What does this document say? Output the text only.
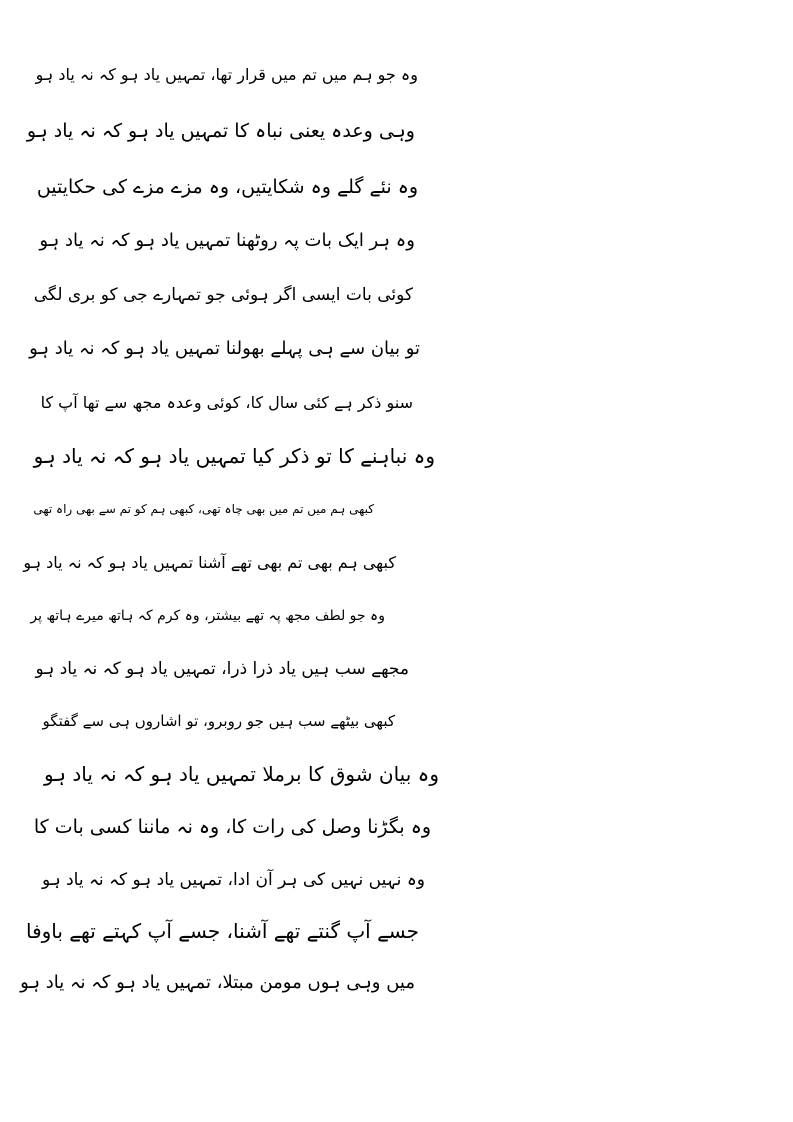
وہ جو ہم میں تم میں قرار تھا، تمہیں یاد ہو کہ نہ یاد ہو
وہی وعدہ یعنی نباہ کا تمہیں یاد ہو کہ نہ یاد ہو
وہ نئے گلے وہ شکایتیں، وہ مزے مزے کی حکایتیں
وہ ہر ایک بات پہ روٹھنا تمہیں یاد ہو کہ نہ یاد ہو
کوئی بات ایسی اگر ہوئی جو تمہارے جی کو بری لگی
تو بیان سے ہی پہلے بھولنا تمہیں یاد ہو کہ نہ یاد ہو
سنو ذکر ہے کئی سال کا، کوئی وعدہ مجھ سے تھا آپ کا
وہ نباہنے کا تو ذکر کیا تمہیں یاد ہو کہ نہ یاد ہو
کبھی ہم میں تم میں بھی چاہ تھی، کبھی ہم کو تم سے بھی راہ تھی
کبھی ہم بھی تم بھی تھے آشنا تمہیں یاد ہو کہ نہ یاد ہو
وہ جو لطف مجھ پہ تھے بیشتر، وہ کرم کہ ہاتھ میرے ہاتھ پر
مجھے سب ہیں یاد ذرا ذرا، تمہیں یاد ہو کہ نہ یاد ہو
کبھی بیٹھے سب ہیں جو روبرو، تو اشاروں ہی سے گفتگو
وہ بیان شوق کا برملا تمہیں یاد ہو کہ نہ یاد ہو
وہ بگڑنا وصل کی رات کا، وہ نہ ماننا کسی بات کا
وہ نہیں نہیں کی ہر آن ادا، تمہیں یاد ہو کہ نہ یاد ہو
جسے آپ گنتے تھے آشنا، جسے آپ کہتے تھے باوفا
میں وہی ہوں مومن مبتلا، تمہیں یاد ہو کہ نہ یاد ہو
